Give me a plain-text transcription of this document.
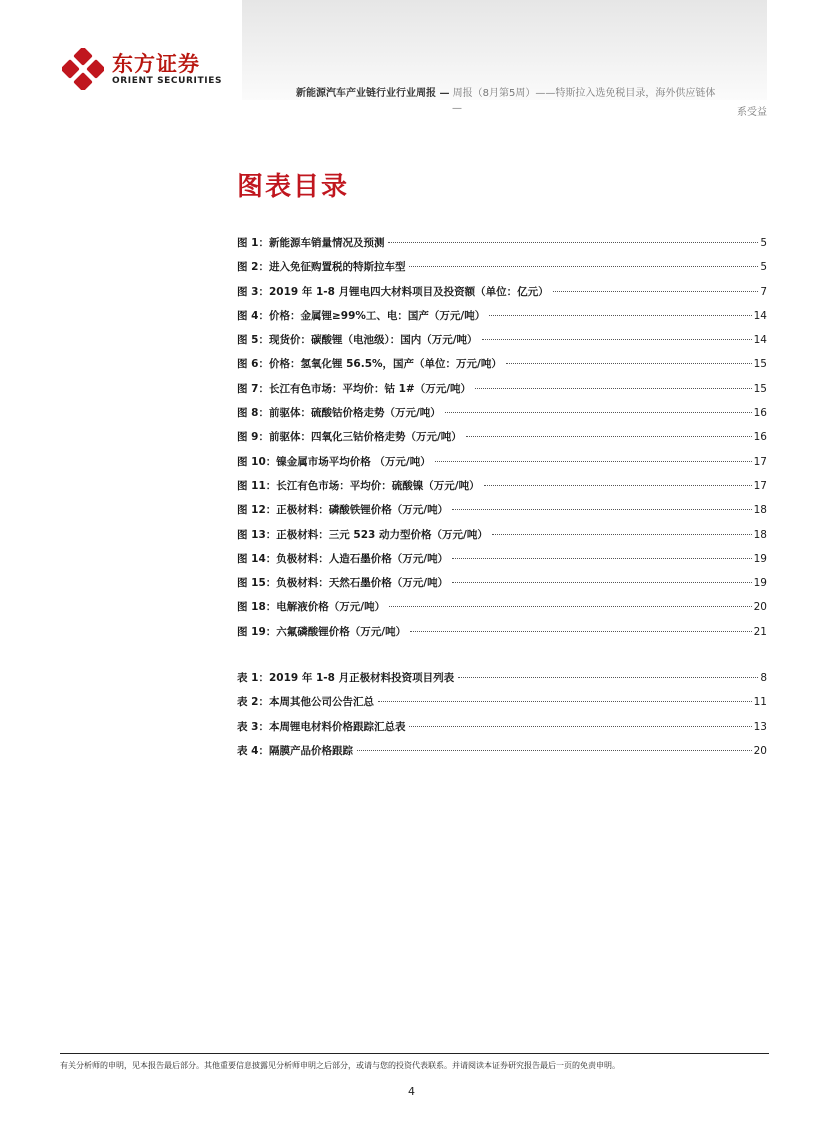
东方证券
ORIENT SECURITIES
新能源汽车产业链行业行业周报 — 周报（8月第5周）——特斯拉入选免税目录，海外供应链体
—	系受益
图表目录
图 1：新能源车销量情况及预测	5
图 2：进入免征购置税的特斯拉车型	5
图 3：2019 年 1-8 月锂电四大材料项目及投资额（单位：亿元）	7
图 4：价格：金属锂≥99%工、电：国产（万元/吨）	14
图 5：现货价：碳酸锂（电池级）：国内（万元/吨）	14
图 6：价格：氢氧化锂 56.5%，国产（单位：万元/吨）	15
图 7：长江有色市场：平均价：钴 1#（万元/吨）	15
图 8：前驱体：硫酸钴价格走势（万元/吨）	16
图 9：前驱体：四氧化三钴价格走势（万元/吨）	16
图 10：镍金属市场平均价格 （万元/吨）	17
图 11：长江有色市场：平均价：硫酸镍（万元/吨）	17
图 12：正极材料：磷酸铁锂价格（万元/吨）	18
图 13：正极材料：三元 523 动力型价格（万元/吨）	18
图 14：负极材料：人造石墨价格（万元/吨）	19
图 15：负极材料：天然石墨价格（万元/吨）	19
图 18：电解液价格（万元/吨）	20
图 19：六氟磷酸锂价格（万元/吨）	21
表 1：2019 年 1-8 月正极材料投资项目列表	8
表 2：本周其他公司公告汇总	11
表 3：本周锂电材料价格跟踪汇总表	13
表 4：隔膜产品价格跟踪	20
有关分析师的申明，见本报告最后部分。其他重要信息披露见分析师申明之后部分，或请与您的投资代表联系。并请阅读本证券研究报告最后一页的免责申明。
4
